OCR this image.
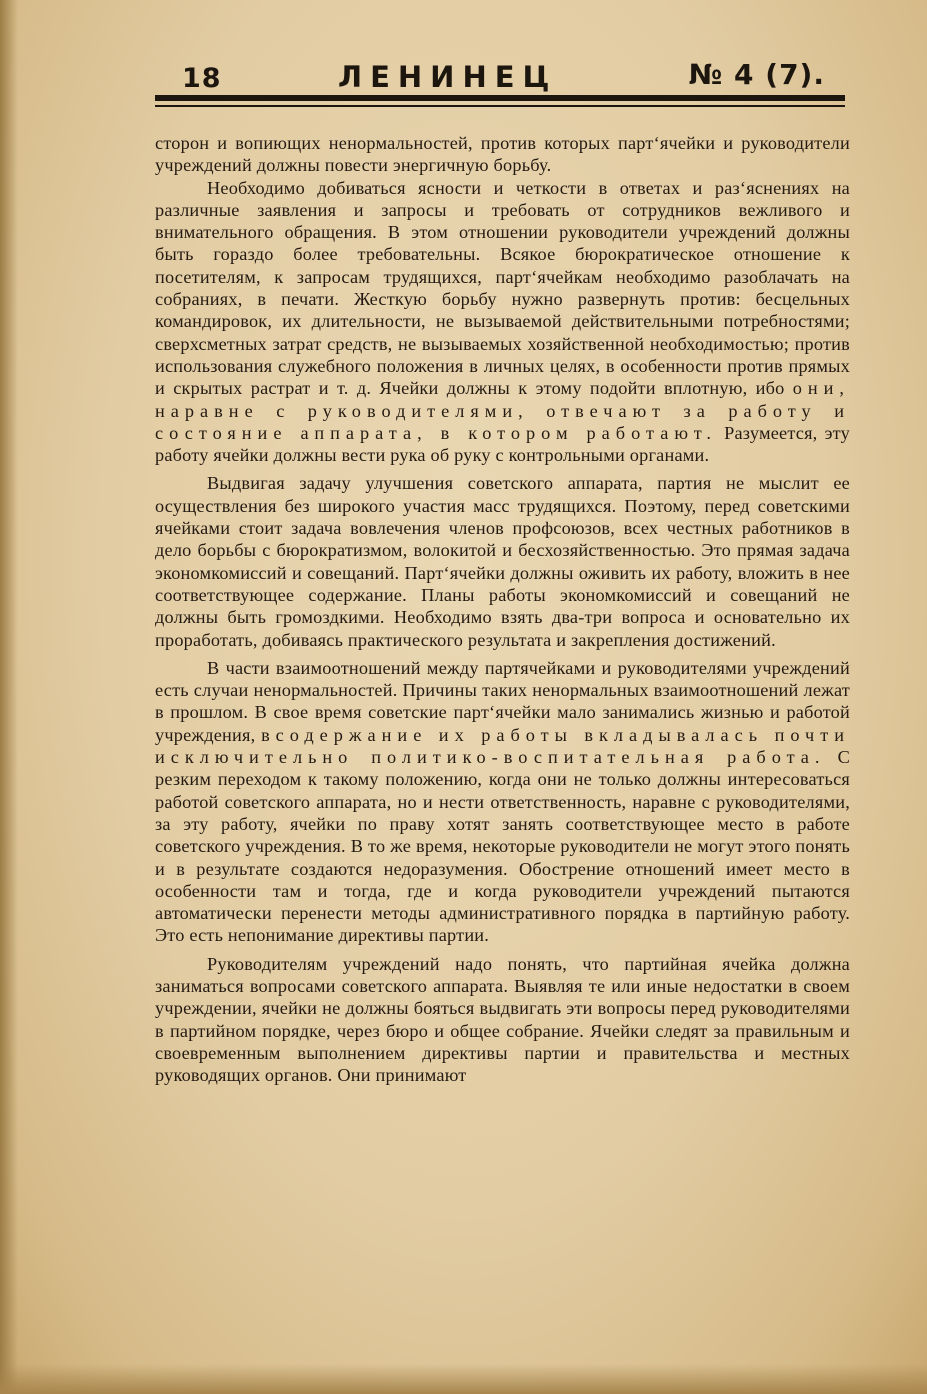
18	ЛЕНИНЕЦ	№ 4 (7).

сторон и вопиющих ненормальностей, против которых парт‘ячейки и руководители учреждений должны повести энергичную борьбу.

Необходимо добиваться ясности и четкости в ответах и раз‘яснениях на различные заявления и запросы и требовать от сотрудников вежливого и внимательного обращения. В этом отношении руководители учреждений должны быть гораздо более требовательны. Всякое бюрократическое отношение к посетителям, к запросам трудящихся, парт‘ячейкам необходимо разоблачать на собраниях, в печати. Жесткую борьбу нужно развернуть против: бесцельных командировок, их длительности, не вызываемой действительными потребностями; сверхсметных затрат средств, не вызываемых хозяйственной необходимостью; против использования служебного положения в личных целях, в особенности против прямых и скрытых растрат и т. д. Ячейки должны к этому подойти вплотную, ибо они, наравне с руководителями, отвечают за работу и состояние аппарата, в котором работают. Разумеется, эту работу ячейки должны вести рука об руку с контрольными органами.

Выдвигая задачу улучшения советского аппарата, партия не мыслит ее осуществления без широкого участия масс трудящихся. Поэтому, перед советскими ячейками стоит задача вовлечения членов профсоюзов, всех честных работников в дело борьбы с бюрократизмом, волокитой и бесхозяйственностью. Это прямая задача экономкомиссий и совещаний. Парт‘ячейки должны оживить их работу, вложить в нее соответствующее содержание. Планы работы экономкомиссий и совещаний не должны быть громоздкими. Необходимо взять два-три вопроса и основательно их проработать, добиваясь практического результата и закрепления достижений.

В части взаимоотношений между партячейками и руководителями учреждений есть случаи ненормальностей. Причины таких ненормальных взаимоотношений лежат в прошлом. В свое время советские парт‘ячейки мало занимались жизнью и работой учреждения, в содержание их работы вкладывалась почти исключительно политико-воспитательная работа. С резким переходом к такому положению, когда они не только должны интересоваться работой советского аппарата, но и нести ответственность, наравне с руководителями, за эту работу, ячейки по праву хотят занять соответствующее место в работе советского учреждения. В то же время, некоторые руководители не могут этого понять и в результате создаются недоразумения. Обострение отношений имеет место в особенности там и тогда, где и когда руководители учреждений пытаются автоматически перенести методы административного порядка в партийную работу. Это есть непонимание директивы партии.

Руководителям учреждений надо понять, что партийная ячейка должна заниматься вопросами советского аппарата. Выявляя те или иные недостатки в своем учреждении, ячейки не должны бояться выдвигать эти вопросы перед руководителями в партийном порядке, через бюро и общее собрание. Ячейки следят за правильным и своевременным выполнением директивы партии и правительства и местных руководящих органов. Они принимают
